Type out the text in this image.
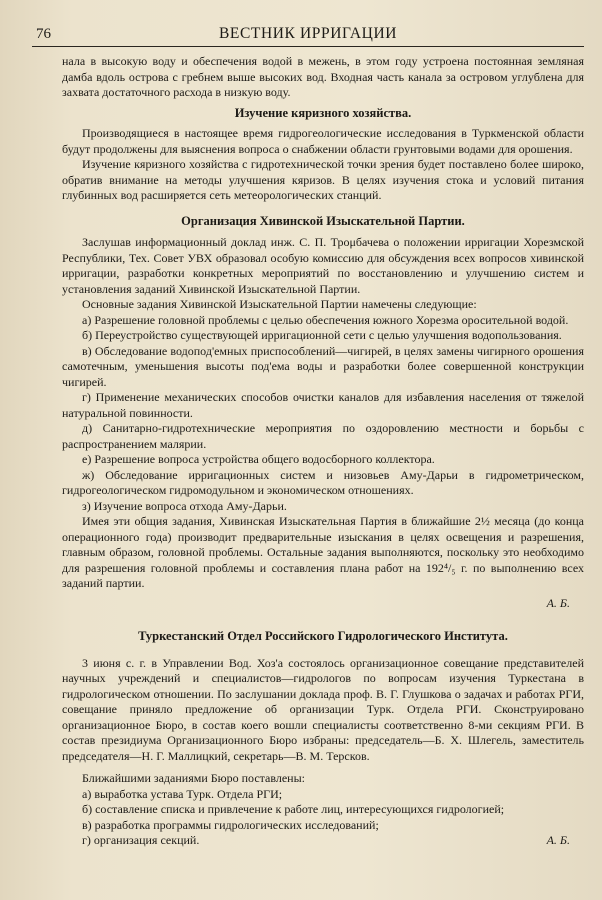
76	ВЕСТНИК ИРРИГАЦИИ

нала в высокую воду и обеспечения водой в межень, в этом году устроена постоянная земляная дамба вдоль острова с гребнем выше высоких вод. Входная часть канала за островом углублена для захвата достаточного расхода в низкую воду.

Изучение кяризного хозяйства.

Производящиеся в настоящее время гидрогеологические исследования в Туркменской области будут продолжены для выяснения вопроса о снабжении области грунтовыми водами для орошения.

Изучение кяризного хозяйства с гидротехнической точки зрения будет поставлено более широко, обратив внимание на методы улучшения кяризов. В целях изучения стока и условий питания глубинных вод расширяется сеть метеорологических станций.

Организация Хивинской Изыскательной Партии.

Заслушав информационный доклад инж. С. П. Трομбачева о положении ирригации Хорезмской Республики, Тех. Совет УВХ образовал особую комиссию для обсуждения всех вопросов хивинской ирригации, разработки конкретных мероприятий по восстановлению и улучшению систем и установления заданий Хивинской Изыскательной Партии.

Основные задания Хивинской Изыскательной Партии намечены следующие:

а) Разрешение головной проблемы с целью обеспечения южного Хорезма оросительной водой.

б) Переустройство существующей ирригационной сети с целью улучшения водопользования.

в) Обследование водопод'емных приспособлений—чигирей, в целях замены чигирного орошения самотечным, уменьшения высоты под'ема воды и разработки более совершенной конструкции чигирей.

г) Применение механических способов очистки каналов для избавления населения от тяжелой натуральной повинности.

д) Санитарно-гидротехнические мероприятия по оздоровлению местности и борьбы с распространением малярии.

е) Разрешение вопроса устройства общего водосборного коллектора.

ж) Обследование ирригационных систем и низовьев Аму-Дарьи в гидрометрическом, гидрогеологическом гидромодульном и экономическом отношениях.

з) Изучение вопроса отхода Аму-Дарьи.

Имея эти общия задания, Хивинская Изыскательная Партия в ближайшие 2½ месяца (до конца операционного года) производит предварительные изыскания в целях освещения и разрешения, главным образом, головной проблемы. Остальные задания выполняются, поскольку это необходимо для разрешения головной проблемы и составления плана работ на 192⁴/₅ г. по выполнению всех заданий партии.

А. Б.

Туркестанский Отдел Российского Гидрологического Института.

3 июня с. г. в Управлении Вод. Хоз'а состоялось организационное совещание представителей научных учреждений и специалистов—гидрологов по вопросам изучения Туркестана в гидрологическом отношении. По заслушании доклада проф. В. Г. Глушкова о задачах и работах РГИ, совещание приняло предложение об организации Турк. Отдела РГИ. Сконструировано организационное Бюро, в состав коего вошли специалисты соответственно 8-ми секциям РГИ. В состав президиума Организационного Бюро избраны: председатель—Б. Х. Шлегель, заместитель председателя—Н. Г. Маллицкий, секретарь—В. М. Терсков.

Ближайшими заданиями Бюро поставлены:

а) выработка устава Турк. Отдела РГИ;

б) составление списка и привлечение к работе лиц, интересующихся гидрологией;

в) разработка программы гидрологических исследований;

г) организация секций.	А. Б.
